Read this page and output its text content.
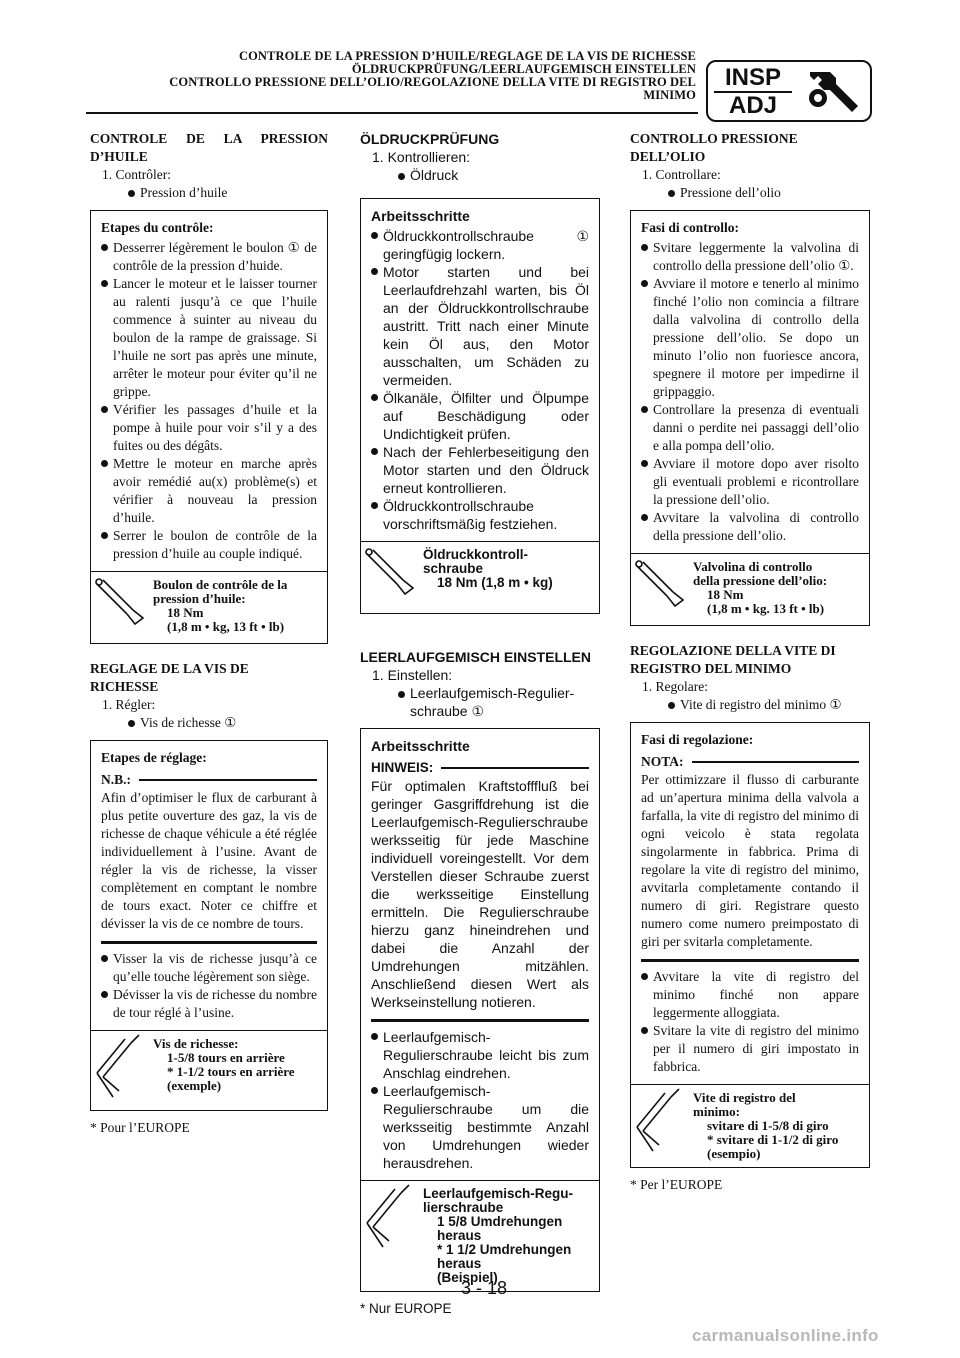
CONTROLE DE LA PRESSION D’HUILE/REGLAGE DE LA VIS DE RICHESSE
ÖLDRUCKPRÜFUNG/LEERLAUFGEMISCH EINSTELLEN
CONTROLLO PRESSIONE DELL’OLIO/REGOLAZIONE DELLA VITE DI REGISTRO DEL
MINIMO
INSP
ADJ
CONTROLE DE LA PRESSION
D’HUILE
1. Contrôler:
Pression d’huile
Etapes du contrôle:
Desserrer légèrement le boulon ① de contrôle de la pression d’huide.
Lancer le moteur et le laisser tourner au ralenti jusqu’à ce que l’huile commence à suinter au niveau du boulon de la rampe de graissage. Si l’huile ne sort pas après une minute, arrêter le moteur pour éviter qu’il ne grippe.
Vérifier les passages d’huile et la pompe à huile pour voir s’il y a des fuites ou des dégâts.
Mettre le moteur en marche après avoir remédié au(x) problème(s) et vérifier à nouveau la pression d’huile.
Serrer le boulon de contrôle de la pression d’huile au couple indiqué.
Boulon de contrôle de la
pression d’huile:
18 Nm
(1,8 m • kg, 13 ft • lb)
REGLAGE DE LA VIS DE
RICHESSE
1. Régler:
Vis de richesse ①
Etapes de réglage:
N.B.:
Afin d’optimiser le flux de carburant à plus petite ouverture des gaz, la vis de richesse de chaque véhicule a été réglée individuellement à l’usine. Avant de régler la vis de richesse, la visser complètement en comptant le nombre de tours exact. Noter ce chiffre et dévisser la vis de ce nombre de tours.
Visser la vis de richesse jusqu’à ce qu’elle touche légèrement son siège.
Dévisser la vis de richesse du nombre de tour réglé à l’usine.
Vis de richesse:
1-5/8 tours en arrière
* 1-1/2 tours en arrière
(exemple)
* Pour l’EUROPE
ÖLDRUCKPRÜFUNG
1. Kontrollieren:
Öldruck
Arbeitsschritte
Öldruckkontrollschraube ① geringfügig lockern.
Motor starten und bei Leerlaufdrehzahl warten, bis Öl an der Öldruckkontrollschraube austritt. Tritt nach einer Minute kein Öl aus, den Motor ausschalten, um Schäden zu vermeiden.
Ölkanäle, Ölfilter und Ölpumpe auf Beschädigung oder Undichtigkeit prüfen.
Nach der Fehlerbeseitigung den Motor starten und den Öldruck erneut kontrollieren.
Öldruckkontrollschraube vorschriftsmäßig festziehen.
Öldruckkontroll-
schraube
18 Nm (1,8 m • kg)
LEERLAUFGEMISCH EINSTELLEN
1. Einstellen:
Leerlaufgemisch-Regulier-
schraube ①
Arbeitsschritte
HINWEIS:
Für optimalen Kraftstofffluß bei geringer Gasgriffdrehung ist die Leerlaufgemisch-Regulierschraube werksseitig für jede Maschine individuell voreingestellt. Vor dem Verstellen dieser Schraube zuerst die werksseitige Einstellung ermitteln. Die Regulierschraube hierzu ganz hineindrehen und dabei die Anzahl der Umdrehungen mitzählen. Anschließend diesen Wert als Werkseinstellung notieren.
Leerlaufgemisch-Regulierschraube leicht bis zum Anschlag eindrehen.
Leerlaufgemisch-Regulierschraube um die werksseitig bestimmte Anzahl von Umdrehungen wieder herausdrehen.
Leerlaufgemisch-Regu-
lierschraube
1 5/8 Umdrehungen
heraus
* 1 1/2 Umdrehungen
heraus
(Beispiel)
* Nur EUROPE
CONTROLLO PRESSIONE
DELL’OLIO
1. Controllare:
Pressione dell’olio
Fasi di controllo:
Svitare leggermente la valvolina di controllo della pressione dell’olio ①.
Avviare il motore e tenerlo al minimo finché l’olio non comincia a filtrare dalla valvolina di controllo della pressione dell’olio. Se dopo un minuto l’olio non fuoriesce ancora, spegnere il motore per impedirne il grippaggio.
Controllare la presenza di eventuali danni o perdite nei passaggi dell’olio e alla pompa dell’olio.
Avviare il motore dopo aver risolto gli eventuali problemi e ricontrollare la pressione dell’olio.
Avvitare la valvolina di controllo della pressione dell’olio.
Valvolina di controllo
della pressione dell’olio:
18 Nm
(1,8 m • kg. 13 ft • lb)
REGOLAZIONE DELLA VITE DI
REGISTRO DEL MINIMO
1. Regolare:
Vite di registro del minimo ①
Fasi di regolazione:
NOTA:
Per ottimizzare il flusso di carburante ad un’apertura minima della valvola a farfalla, la vite di registro del minimo di ogni veicolo è stata regolata singolarmente in fabbrica. Prima di regolare la vite di registro del minimo, avvitarla completamente contando il numero di giri. Registrare questo numero come numero preimpostato di giri per svitarla completamente.
Avvitare la vite di registro del minimo finché non appare leggermente alloggiata.
Svitare la vite di registro del minimo per il numero di giri impostato in fabbrica.
Vite di registro del
minimo:
svitare di 1-5/8 di giro
* svitare di 1-1/2 di giro
(esempio)
* Per l’EUROPE
3 - 18
carmanualsonline.info
